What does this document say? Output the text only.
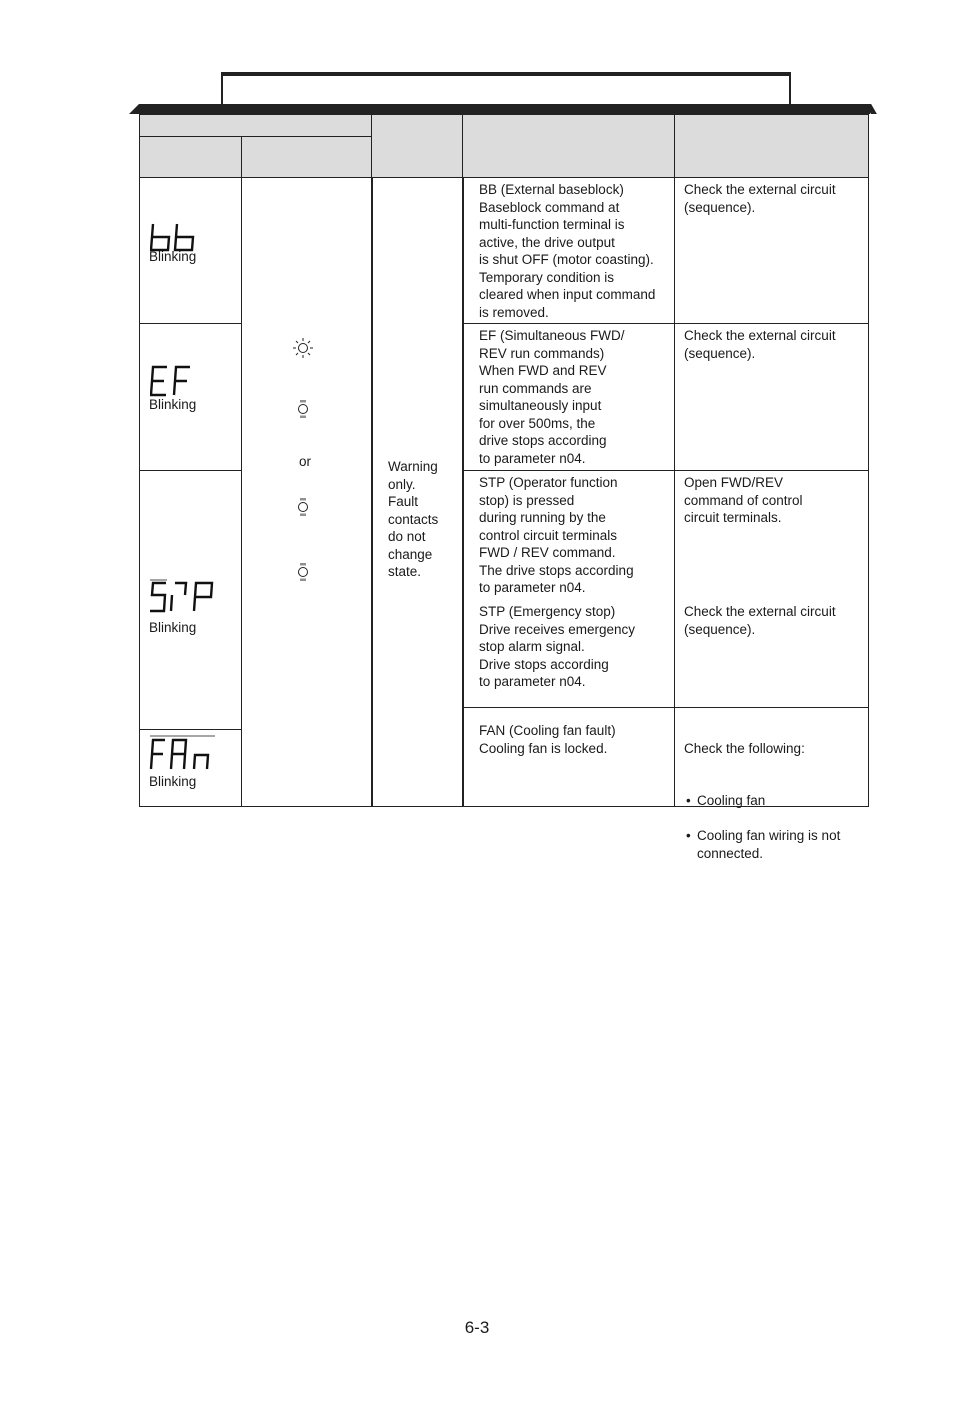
Blinking
BB (External baseblock)
Baseblock command at
multi-function terminal is
active, the drive output
is shut OFF (motor coasting).
Temporary condition is
cleared when input command
is removed.
Check the external circuit
(sequence).
Blinking
EF (Simultaneous FWD/
REV run commands)
When FWD and REV
run commands are
simultaneously input
for over 500ms, the
drive stops according
to parameter n04.
Check the external circuit
(sequence).
Blinking
STP (Operator function
stop) is pressed
during running by the
control circuit terminals
FWD / REV command.
The drive stops according
to parameter n04.
Open FWD/REV
command of control
circuit terminals.
STP (Emergency stop)
Drive receives emergency
stop alarm signal.
Drive stops according
to parameter n04.
Check the external circuit
(sequence).
Blinking
FAN (Cooling fan fault)
Cooling fan is locked.	Check the following:

• Cooling fan

• Cooling fan wiring is not
connected.

or	Warning
only.
Fault
contacts
do not
change
state.
6-3
